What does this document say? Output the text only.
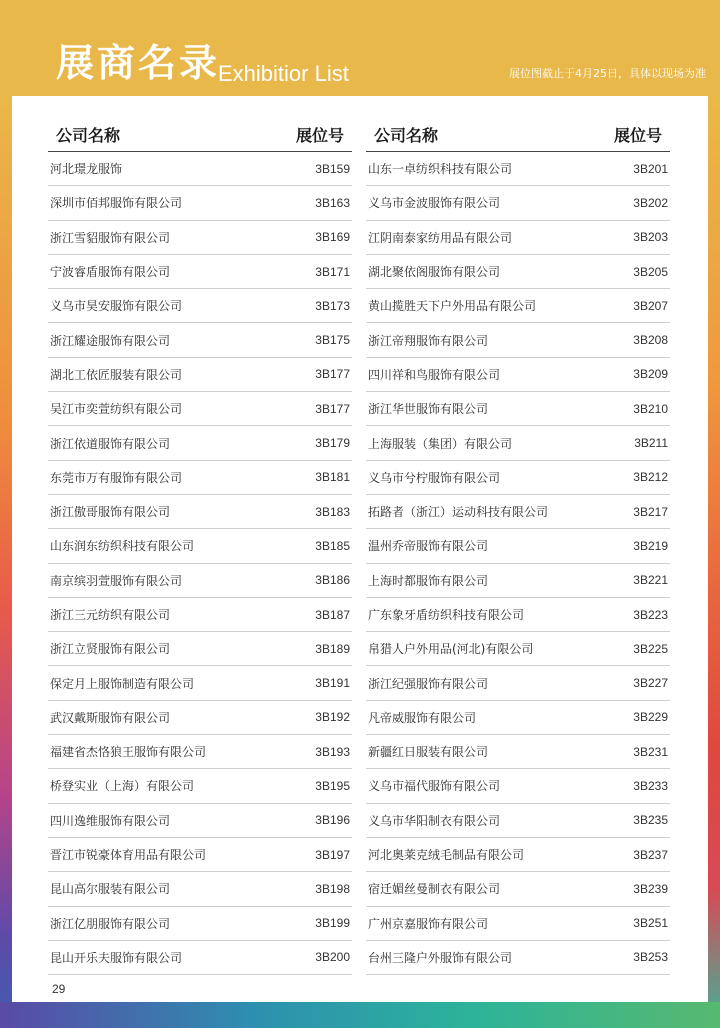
展商名录
Exhibitior List	展位图截止于4月25日，具体以现场为准
公司名称	展位号
河北璟龙服饰	3B159
深圳市佰邦服饰有限公司	3B163
浙江雪貂服饰有限公司	3B169
宁波睿盾服饰有限公司	3B171
义乌市昊安服饰有限公司	3B173
浙江耀途服饰有限公司	3B175
湖北工依匠服装有限公司	3B177
吴江市奕萱纺织有限公司	3B177
浙江依道服饰有限公司	3B179
东莞市万有服饰有限公司	3B181
浙江傲哥服饰有限公司	3B183
山东润东纺织科技有限公司	3B185
南京缤羽萱服饰有限公司	3B186
浙江三元纺织有限公司	3B187
浙江立贤服饰有限公司	3B189
保定月上服饰制造有限公司	3B191
武汉戴斯服饰有限公司	3B192
福建省杰恪狼王服饰有限公司	3B193
桥登实业（上海）有限公司	3B195
四川逸维服饰有限公司	3B196
晋江市锐豪体育用品有限公司	3B197
昆山高尔服装有限公司	3B198
浙江亿朋服饰有限公司	3B199
昆山开乐夫服饰有限公司	3B200
公司名称	展位号
山东一卓纺织科技有限公司	3B201
义乌市金波服饰有限公司	3B202
江阴南泰家纺用品有限公司	3B203
湖北聚依阁服饰有限公司	3B205
黄山揽胜天下户外用品有限公司	3B207
浙江帝翔服饰有限公司	3B208
四川祥和鸟服饰有限公司	3B209
浙江华世服饰有限公司	3B210
上海服装（集团）有限公司	3B211
义乌市兮柠服饰有限公司	3B212
拓路者（浙江）运动科技有限公司	3B217
温州乔帝服饰有限公司	3B219
上海时都服饰有限公司	3B221
广东象牙盾纺织科技有限公司	3B223
帛猎人户外用品(河北)有限公司	3B225
浙江纪强服饰有限公司	3B227
凡帝威服饰有限公司	3B229
新疆红日服装有限公司	3B231
义乌市福代服饰有限公司	3B233
义乌市华阳制衣有限公司	3B235
河北奥莱克绒毛制品有限公司	3B237
宿迁媚丝曼制衣有限公司	3B239
广州京嘉服饰有限公司	3B251
台州三隆户外服饰有限公司	3B253
29
